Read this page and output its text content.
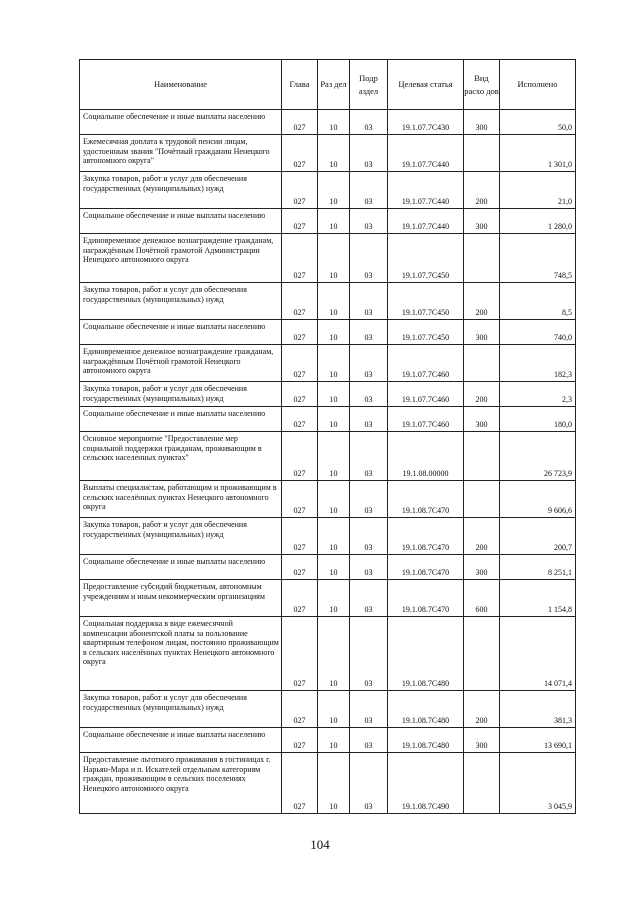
Наименование	Глава	Раз дел	Подр аздел	Целевая статья	Вид расхо дов	Исполнено
Социальное обеспечение и иные выплаты населению	027	10	03	19.1.07.7С430	300	50,0
Ежемесячная доплата к трудовой пенсии лицам, удостоенным звания "Почётный гражданин Ненецкого автономного округа"	027	10	03	19.1.07.7С440		1 301,0
Закупка товаров, работ и услуг для обеспечения государственных (муниципальных) нужд	027	10	03	19.1.07.7С440	200	21,0
Социальное обеспечение и иные выплаты населению	027	10	03	19.1.07.7С440	300	1 280,0
Единовременное денежное вознаграждение гражданам, награждённым Почётной грамотой Администрации Ненецкого автономного округа	027	10	03	19.1.07.7С450		748,5
Закупка товаров, работ и услуг для обеспечения государственных (муниципальных) нужд	027	10	03	19.1.07.7С450	200	8,5
Социальное обеспечение и иные выплаты населению	027	10	03	19.1.07.7С450	300	740,0
Единовременное денежное вознаграждение гражданам, награждённым Почётной грамотой Ненецкого автономного округа	027	10	03	19.1.07.7С460		182,3
Закупка товаров, работ и услуг для обеспечения государственных (муниципальных) нужд	027	10	03	19.1.07.7С460	200	2,3
Социальное обеспечение и иные выплаты населению	027	10	03	19.1.07.7С460	300	180,0
Основное мероприятие "Предоставление мер социальной поддержки гражданам, проживающим в сельских населенных пунктах"	027	10	03	19.1.08.00000		26 723,9
Выплаты специалистам, работающим и проживающим в сельских населённых пунктах Ненецкого автономного округа	027	10	03	19.1.08.7С470		9 606,6
Закупка товаров, работ и услуг для обеспечения государственных (муниципальных) нужд	027	10	03	19.1.08.7С470	200	200,7
Социальное обеспечение и иные выплаты населению	027	10	03	19.1.08.7С470	300	8 251,1
Предоставление субсидий бюджетным, автономным учреждениям и иным некоммерческим организациям	027	10	03	19.1.08.7С470	600	1 154,8
Социальная поддержка в виде ежемесячной компенсации абонентской платы за пользование квартирным телефоном лицам, постоянно проживающим в сельских населённых пунктах Ненецкого автономного округа	027	10	03	19.1.08.7С480		14 071,4
Закупка товаров, работ и услуг для обеспечения государственных (муниципальных) нужд	027	10	03	19.1.08.7С480	200	381,3
Социальное обеспечение и иные выплаты населению	027	10	03	19.1.08.7С480	300	13 690,1
Предоставление льготного проживания в гостиницах г. Нарьян-Мара и п. Искателей отдельным категориям граждан, проживающим в сельских поселениях Ненецкого автономного округа	027	10	03	19.1.08.7С490		3 045,9
104
